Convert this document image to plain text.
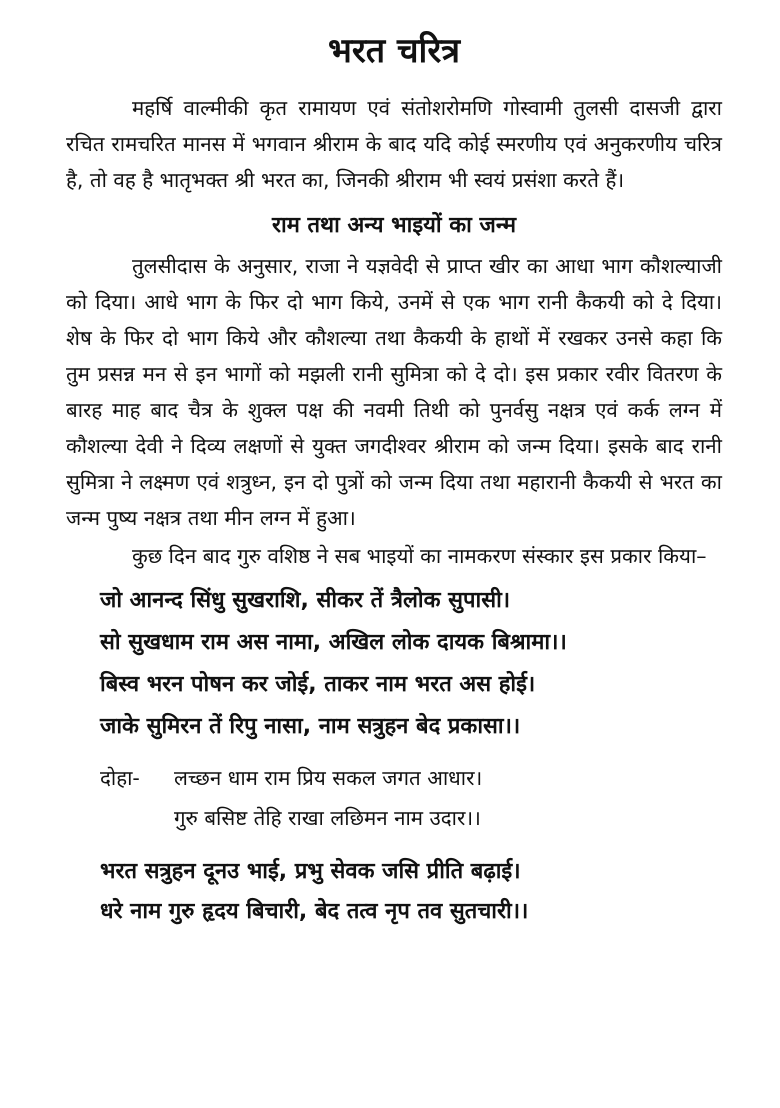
भरत चरित्र

महर्षि वाल्मीकी कृत रामायण एवं संतोशरोमणि गोस्वामी तुलसी दासजी द्वारा रचित रामचरित मानस में भगवान श्रीराम के बाद यदि कोई स्मरणीय एवं अनुकरणीय चरित्र है, तो वह है भातृभक्त श्री भरत का, जिनकी श्रीराम भी स्वयं प्रसंशा करते हैं।

राम तथा अन्य भाइयों का जन्म

तुलसीदास के अनुसार, राजा ने यज्ञवेदी से प्राप्त खीर का आधा भाग कौशल्याजी को दिया। आधे भाग के फिर दो भाग किये, उनमें से एक भाग रानी कैकयी को दे दिया। शेष के फिर दो भाग किये और कौशल्या तथा कैकयी के हाथों में रखकर उनसे कहा कि तुम प्रसन्न मन से इन भागों को मझली रानी सुमित्रा को दे दो। इस प्रकार रवीर वितरण के बारह माह बाद चैत्र के शुक्ल पक्ष की नवमी तिथी को पुनर्वसु नक्षत्र एवं कर्क लग्न में कौशल्या देवी ने दिव्य लक्षणों से युक्त जगदीश्वर श्रीराम को जन्म दिया। इसके बाद रानी सुमित्रा ने लक्ष्मण एवं शत्रुध्न, इन दो पुत्रों को जन्म दिया तथा महारानी कैकयी से भरत का जन्म पुष्य नक्षत्र तथा मीन लग्न में हुआ।

कुछ दिन बाद गुरु वशिष्ठ ने सब भाइयों का नामकरण संस्कार इस प्रकार किया–

जो आनन्द सिंधु सुखराशि, सीकर तें त्रैलोक सुपासी।
सो सुखधाम राम अस नामा, अखिल लोक दायक बिश्रामा।।
बिस्व भरन पोषन कर जोई, ताकर नाम भरत अस होई।
जाके सुमिरन तें रिपु नासा, नाम सत्रुहन बेद प्रकासा।।
दोहा- लच्छन धाम राम प्रिय सकल जगत आधार।
गुरु बसिष्ट तेहि राखा लछिमन नाम उदार।।
भरत सत्रुहन दूनउ भाई, प्रभु सेवक जसि प्रीति बढ़ाई।
धरे नाम गुरु हृदय बिचारी, बेद तत्व नृप तव सुतचारी।।
